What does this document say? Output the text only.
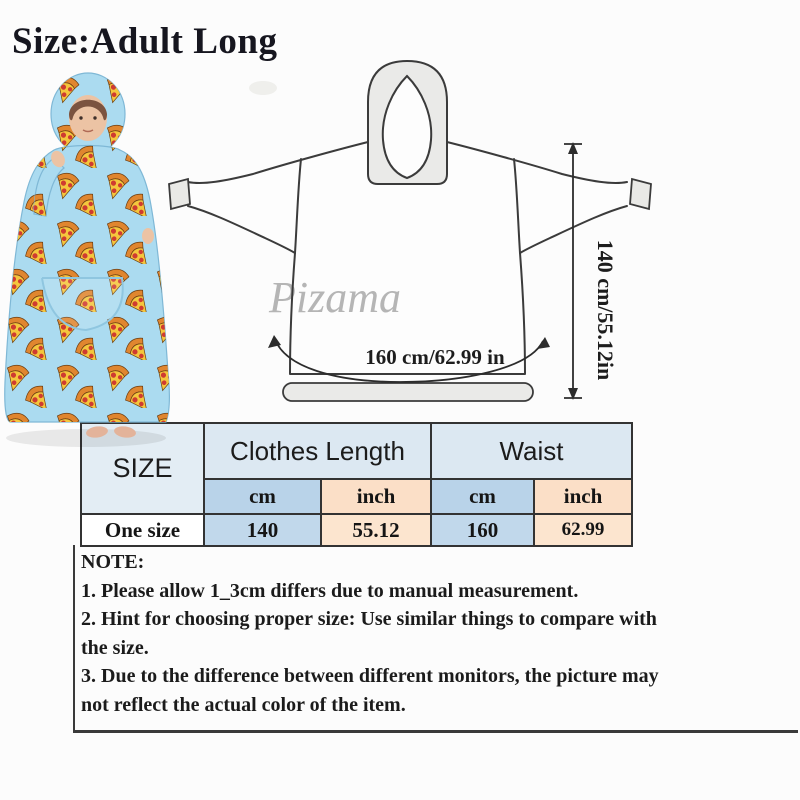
Size:Adult Long
Pizama
160 cm/62.99 in	140 cm/55.12in
SIZE	Clothes Length		Waist	
	cm	inch	cm	inch
One size	140	55.12	160	62.99
NOTE:
1. Please allow 1_3cm differs due to manual measurement.
2. Hint for choosing proper size: Use similar things to compare with
the size.
3. Due to the difference between different monitors, the picture may
not reflect the actual color of the item.
